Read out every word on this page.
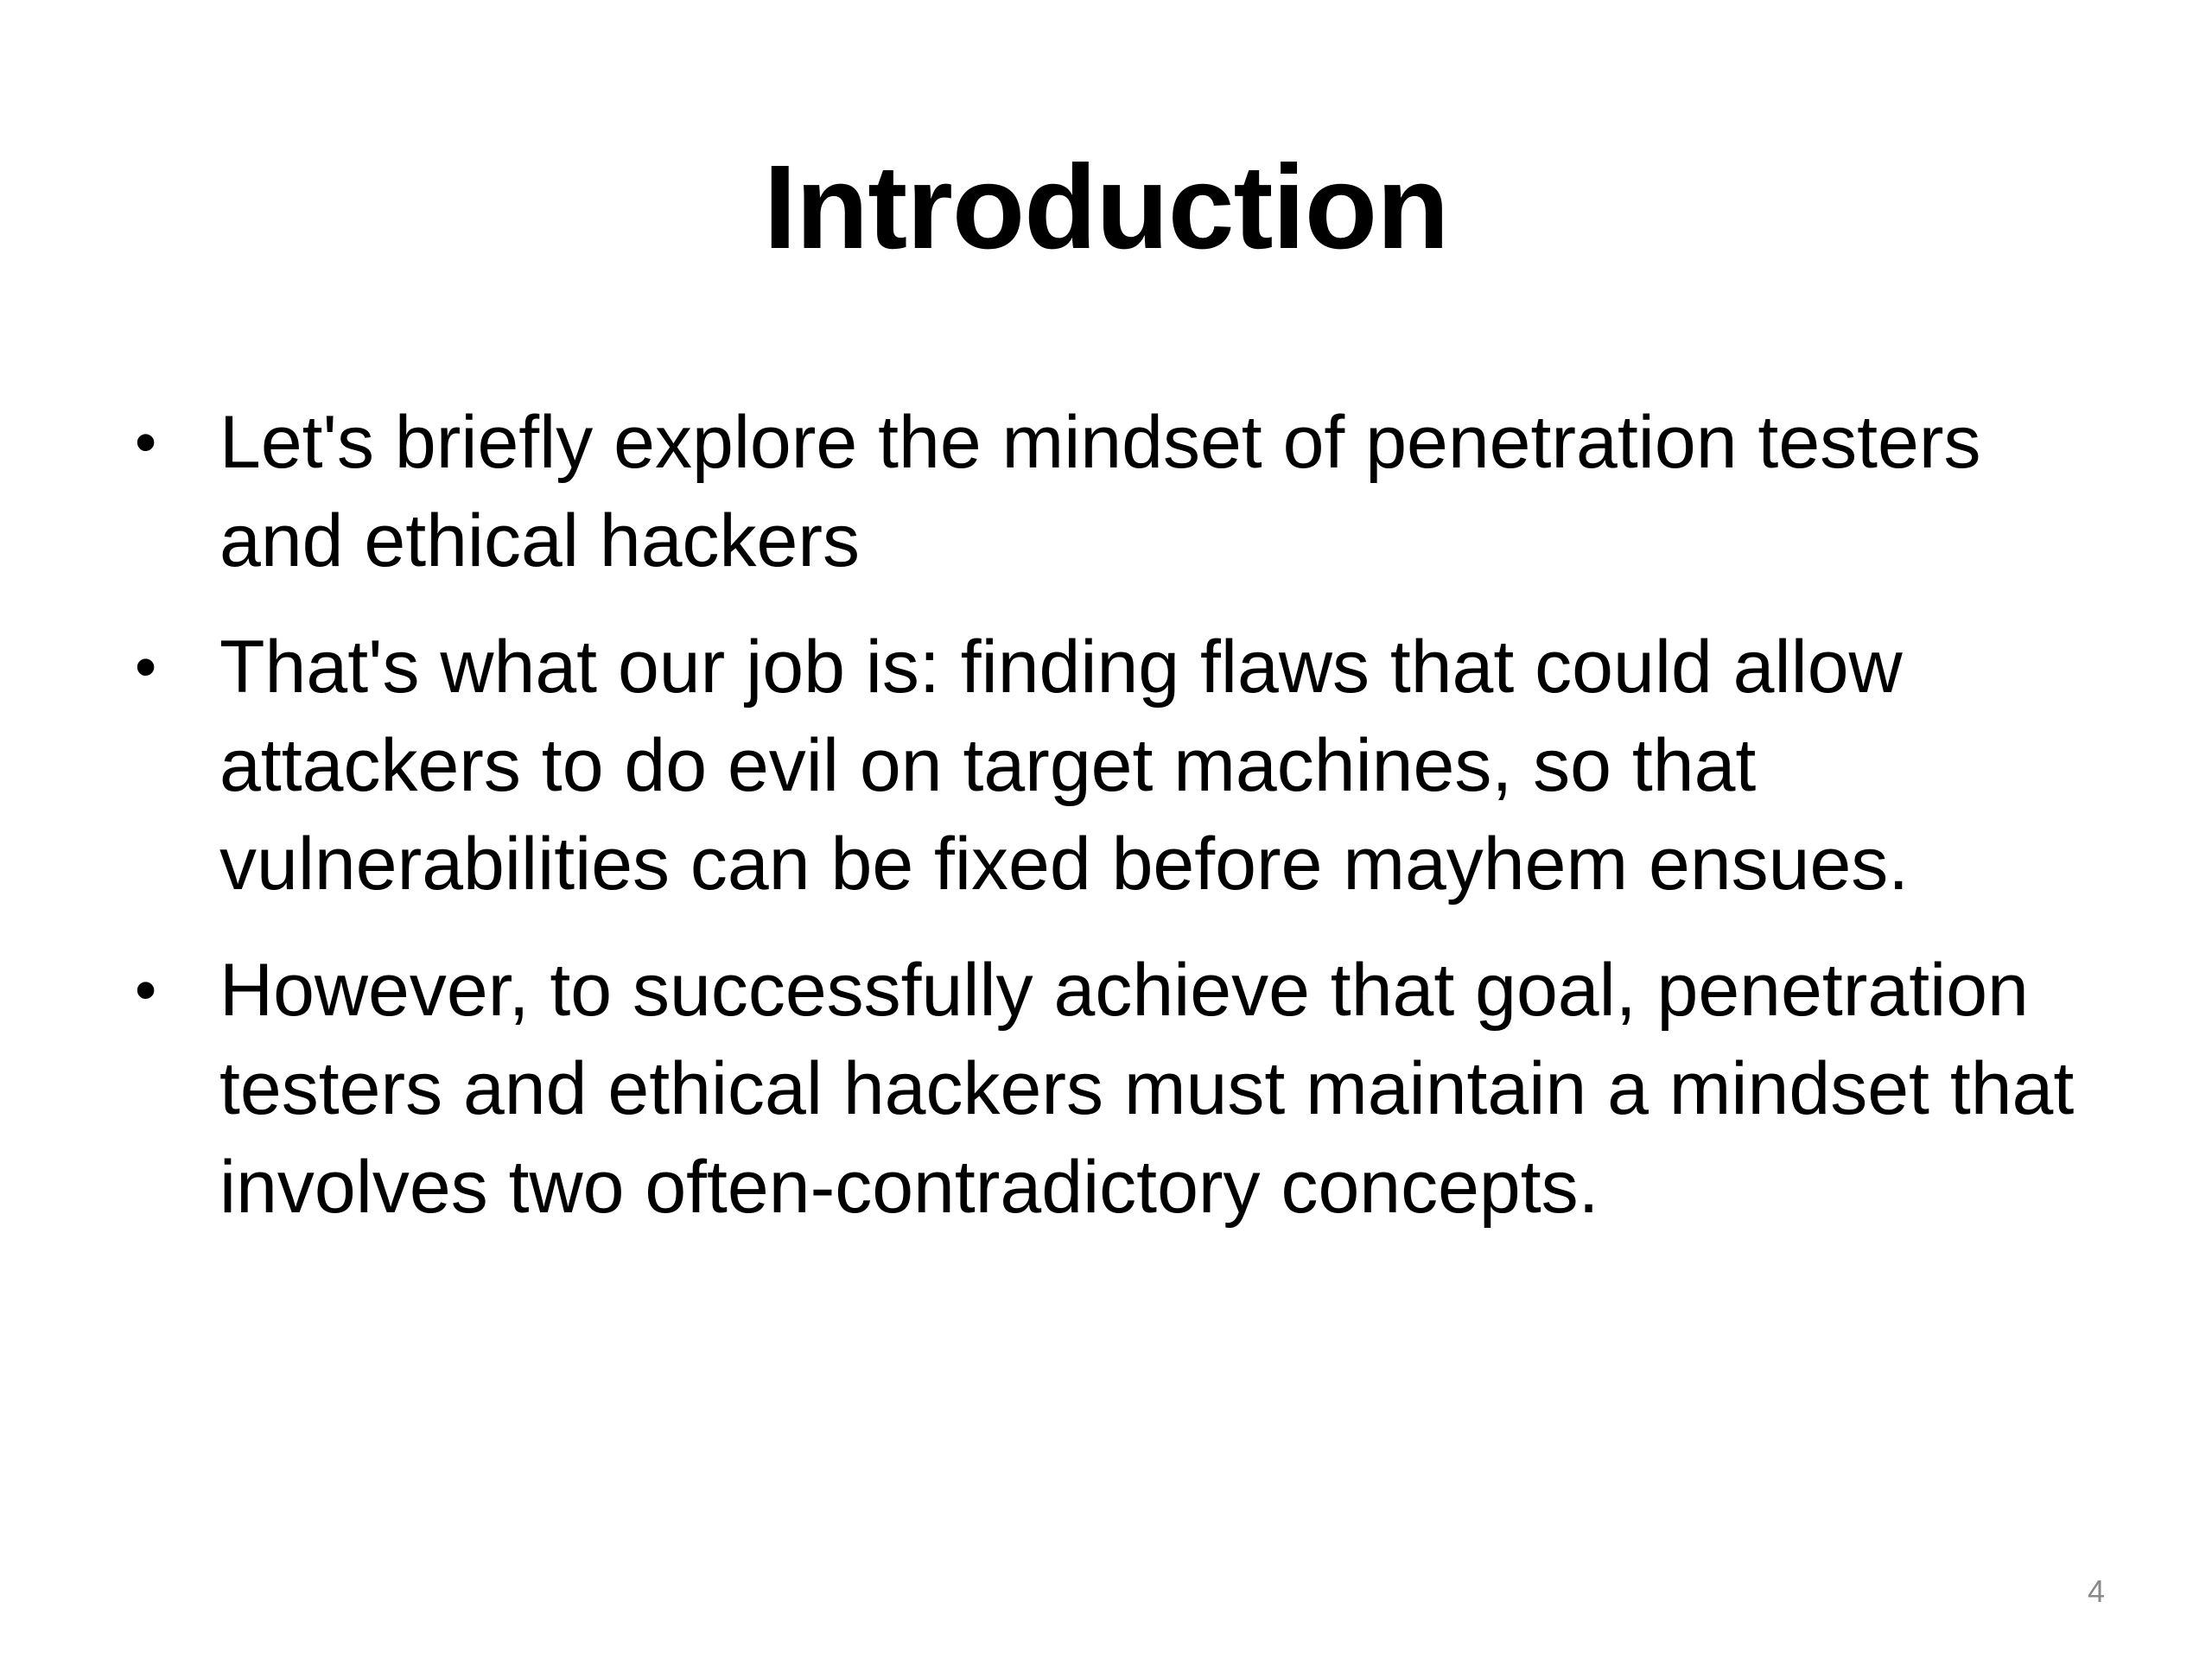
Introduction
• Let's briefly explore the mindset of penetration testers and ethical hackers
• That's what our job is: finding flaws that could allow attackers to do evil on target machines, so that vulnerabilities can be fixed before mayhem ensues.
• However, to successfully achieve that goal, penetration testers and ethical hackers must maintain a mindset that involves two often-contradictory concepts.
4
